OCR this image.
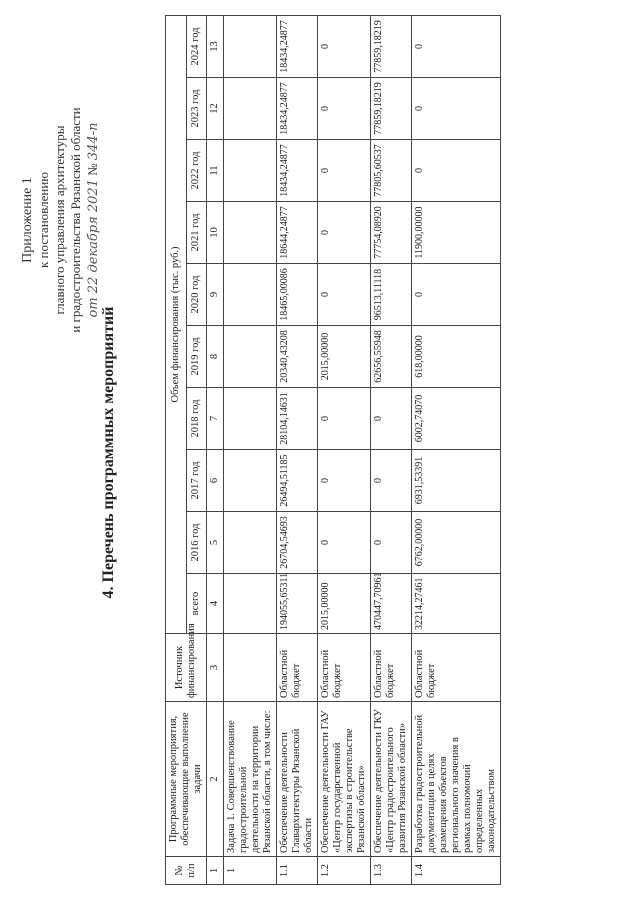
Приложение 1 к постановлению главного управления архитектуры и градостроительства Рязанской области от 22 декабря 2021 № 344-п
4. Перечень программных мероприятий
№ п/п	Программные мероприятия, обеспечивающие выполнение задачи	Источник финансирования	Объем финансирования (тыс. руб.)									
			всего	2016 год	2017 год	2018 год	2019 год	2020 год	2021 год	2022 год	2023 год	2024 год
1	2	3	4	5	6	7	8	9	10	11	12	13
1	Задача 1. Совершенствование градостроительной деятельности на территории Рязанской области, в том числе:											
1.1	Обеспечение деятельности Главархитектуры Рязанской области	Областной бюджет	194055,65311	26704,54693	26494,51185	28104,14631	20340,43208	18465,00086	18644,24877	18434,24877	18434,24877	18434,24877
1.2	Обеспечение деятельности ГАУ «Центр государственной экспертизы в строительстве Рязанской области»	Областной бюджет	2015,00000	0	0	0	2015,00000	0	0	0	0	0
1.3	Обеспечение деятельности ГКУ «Центр градостроительного развития Рязанской области»	Областной бюджет	470447,70961	0	0	0	62656,55948	96513,11118	77754,08920	77805,60537	77859,18219	77859,18219
1.4	Разработка градостроительной документации в целях размещения объектов регионального значения в рамках полномочий определенных законодательством	Областной бюджет	32214,27461	6762,00000	6931,53391	6002,74070	618,00000	0	11900,00000	0	0	0
